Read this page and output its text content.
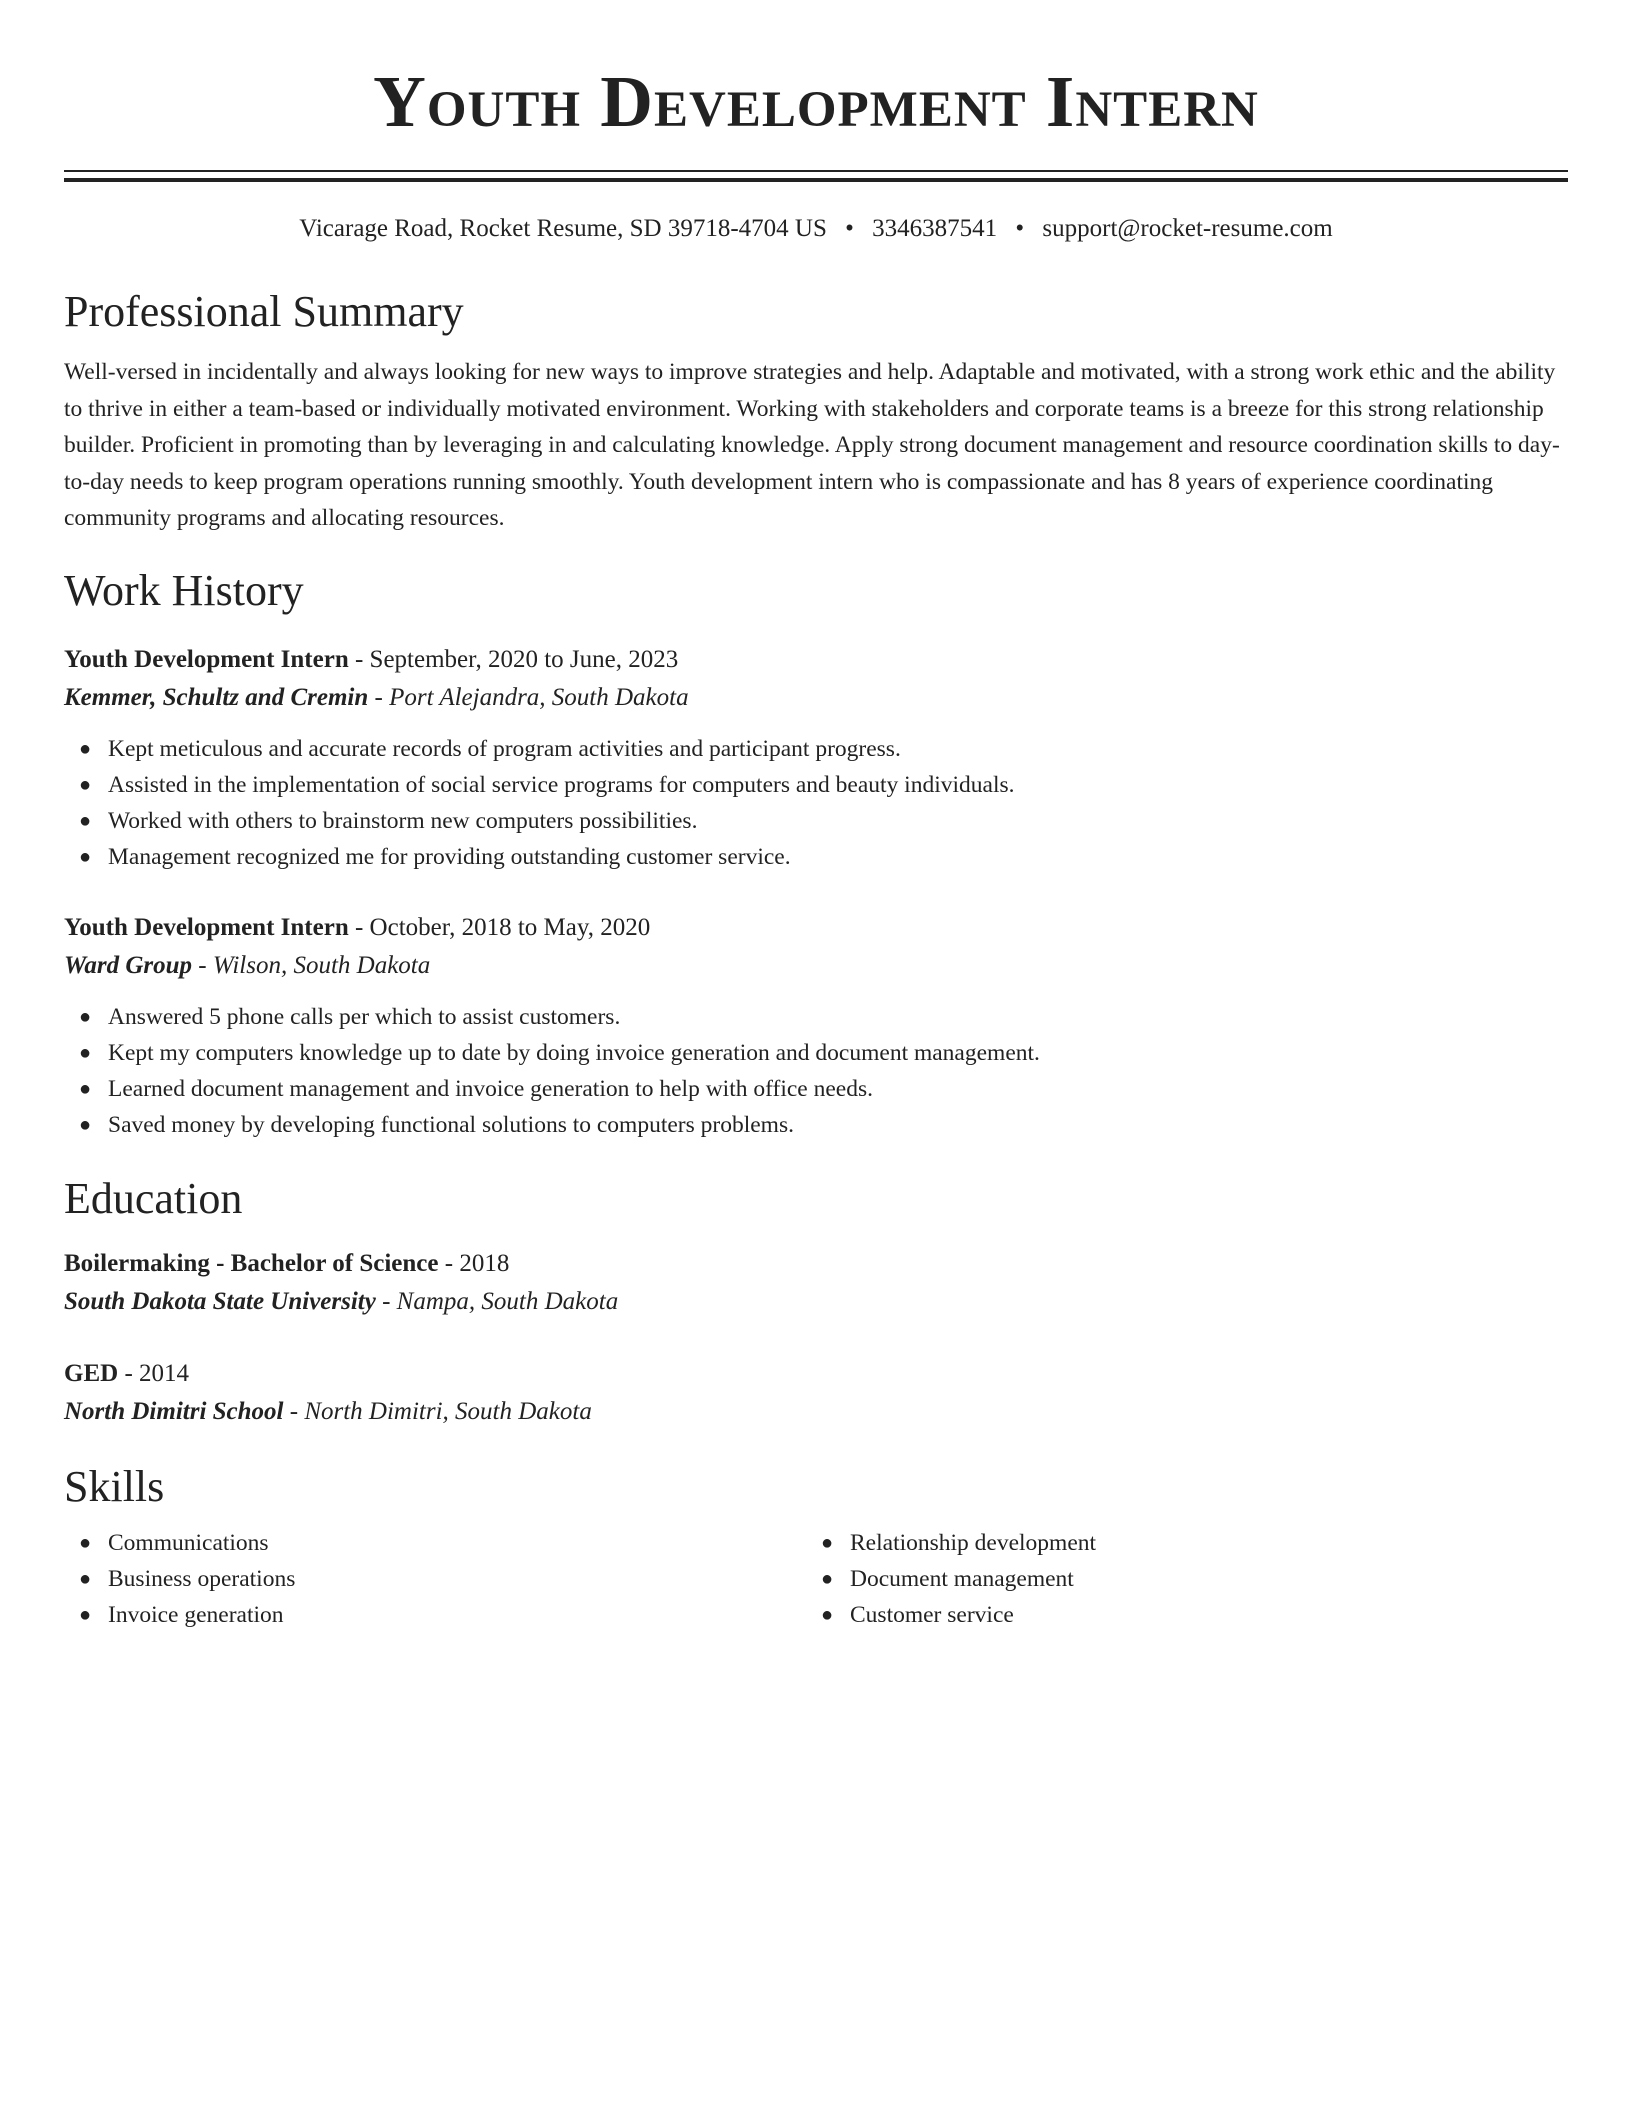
Youth Development Intern
Vicarage Road, Rocket Resume, SD 39718-4704 US • 3346387541 • support@rocket-resume.com
Professional Summary

Well-versed in incidentally and always looking for new ways to improve strategies and help. Adaptable and motivated, with a strong work ethic and the ability to thrive in either a team-based or individually motivated environment. Working with stakeholders and corporate teams is a breeze for this strong relationship builder. Proficient in promoting than by leveraging in and calculating knowledge. Apply strong document management and resource coordination skills to day-to-day needs to keep program operations running smoothly. Youth development intern who is compassionate and has 8 years of experience coordinating community programs and allocating resources.

Work History
Youth Development Intern - September, 2020 to June, 2023
Kemmer, Schultz and Cremin - Port Alejandra, South Dakota
● Kept meticulous and accurate records of program activities and participant progress.
● Assisted in the implementation of social service programs for computers and beauty individuals.
● Worked with others to brainstorm new computers possibilities.
● Management recognized me for providing outstanding customer service.
Youth Development Intern - October, 2018 to May, 2020
Ward Group - Wilson, South Dakota
● Answered 5 phone calls per which to assist customers.
● Kept my computers knowledge up to date by doing invoice generation and document management.
● Learned document management and invoice generation to help with office needs.
● Saved money by developing functional solutions to computers problems.
Education
Boilermaking - Bachelor of Science - 2018
South Dakota State University - Nampa, South Dakota
GED - 2014
North Dimitri School - North Dimitri, South Dakota
Skills
● Communications
● Business operations
● Invoice generation
● Relationship development
● Document management
● Customer service
